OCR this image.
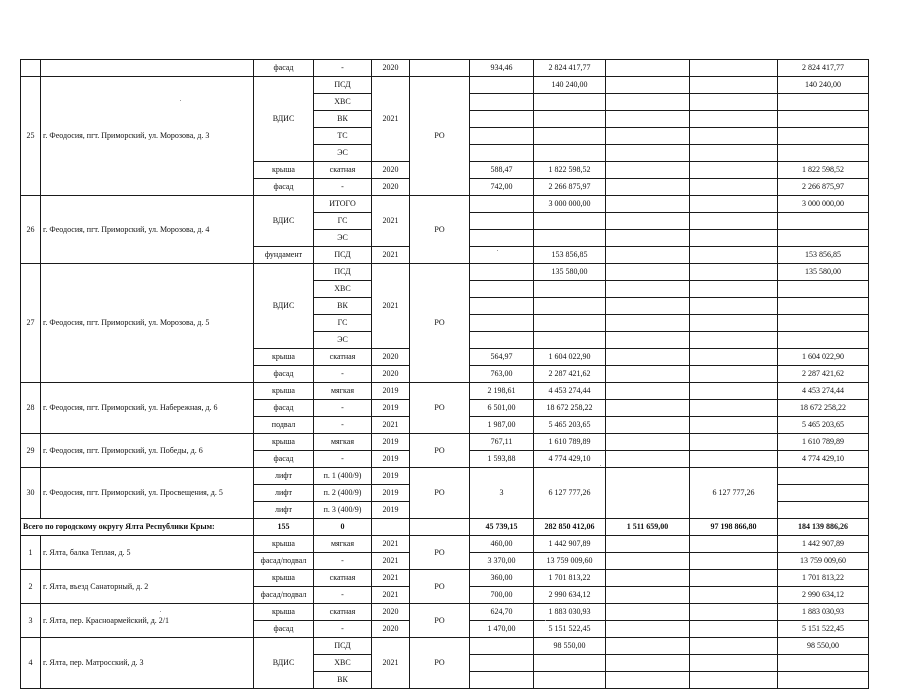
		фасад	-	2020		934,46	2 824 417,77			2 824 417,77
25	г. Феодосия, пгт. Приморский, ул. Морозова, д. 3	ВДИС	ПСД	2021	РО		140 240,00			140 240,00
			ХВС							
			ВК							
			ТС							
			ЭС							
		крыша	скатная	2020		588,47	1 822 598,52			1 822 598,52
		фасад	-	2020		742,00	2 266 875,97			2 266 875,97
26	г. Феодосия, пгт. Приморский, ул. Морозова, д. 4	ВДИС	ИТОГО	2021	РО		3 000 000,00			3 000 000,00
			ГС							
			ЭС							
		фундамент	ПСД	2021			153 856,85			153 856,85
27	г. Феодосия, пгт. Приморский, ул. Морозова, д. 5	ВДИС	ПСД	2021	РО		135 580,00			135 580,00
			ХВС							
			ВК							
			ГС							
			ЭС							
		крыша	скатная	2020		564,97	1 604 022,90			1 604 022,90
		фасад	-	2020		763,00	2 287 421,62			2 287 421,62
28	г. Феодосия, пгт. Приморский, ул. Набережная, д. 6	крыша	мягкая	2019	РО	2 198,61	4 453 274,44			4 453 274,44
		фасад	-	2019		6 501,00	18 672 258,22			18 672 258,22
		подвал	-	2021		1 987,00	5 465 203,65			5 465 203,65
29	г. Феодосия, пгт. Приморский, ул. Победы, д. 6	крыша	мягкая	2019	РО	767,11	1 610 789,89			1 610 789,89
		фасад	-	2019		1 593,88	4 774 429,10			4 774 429,10
30	г. Феодосия, пгт. Приморский, ул. Просвещения, д. 5	лифт	п. 1 (400/9)	2019	РО	3	6 127 777,26		6 127 777,26	
		лифт	п. 2 (400/9)	2019						
		лифт	п. 3 (400/9)	2019						
Всего по городскому округу Ялта Республики Крым:		155	0			45 739,15	282 850 412,06	1 511 659,00	97 198 866,80	184 139 886,26
1	г. Ялта, балка Теплая, д. 5	крыша	мягкая	2021	РО	460,00	1 442 907,89			1 442 907,89
		фасад/подвал	-	2021		3 370,00	13 759 009,60			13 759 009,60
2	г. Ялта, въезд Санаторный, д. 2	крыша	скатная	2021	РО	360,00	1 701 813,22			1 701 813,22
		фасад/подвал	-	2021		700,00	2 990 634,12			2 990 634,12
3	г. Ялта, пер. Красноармейский, д. 2/1	крыша	скатная	2020	РО	624,70	1 883 030,93			1 883 030,93
		фасад	-	2020		1 470,00	5 151 522,45			5 151 522,45
4	г. Ялта, пер. Матросский, д. 3	ВДИС	ПСД	2021	РО		98 550,00			98 550,00
			ХВС							
			ВК							
